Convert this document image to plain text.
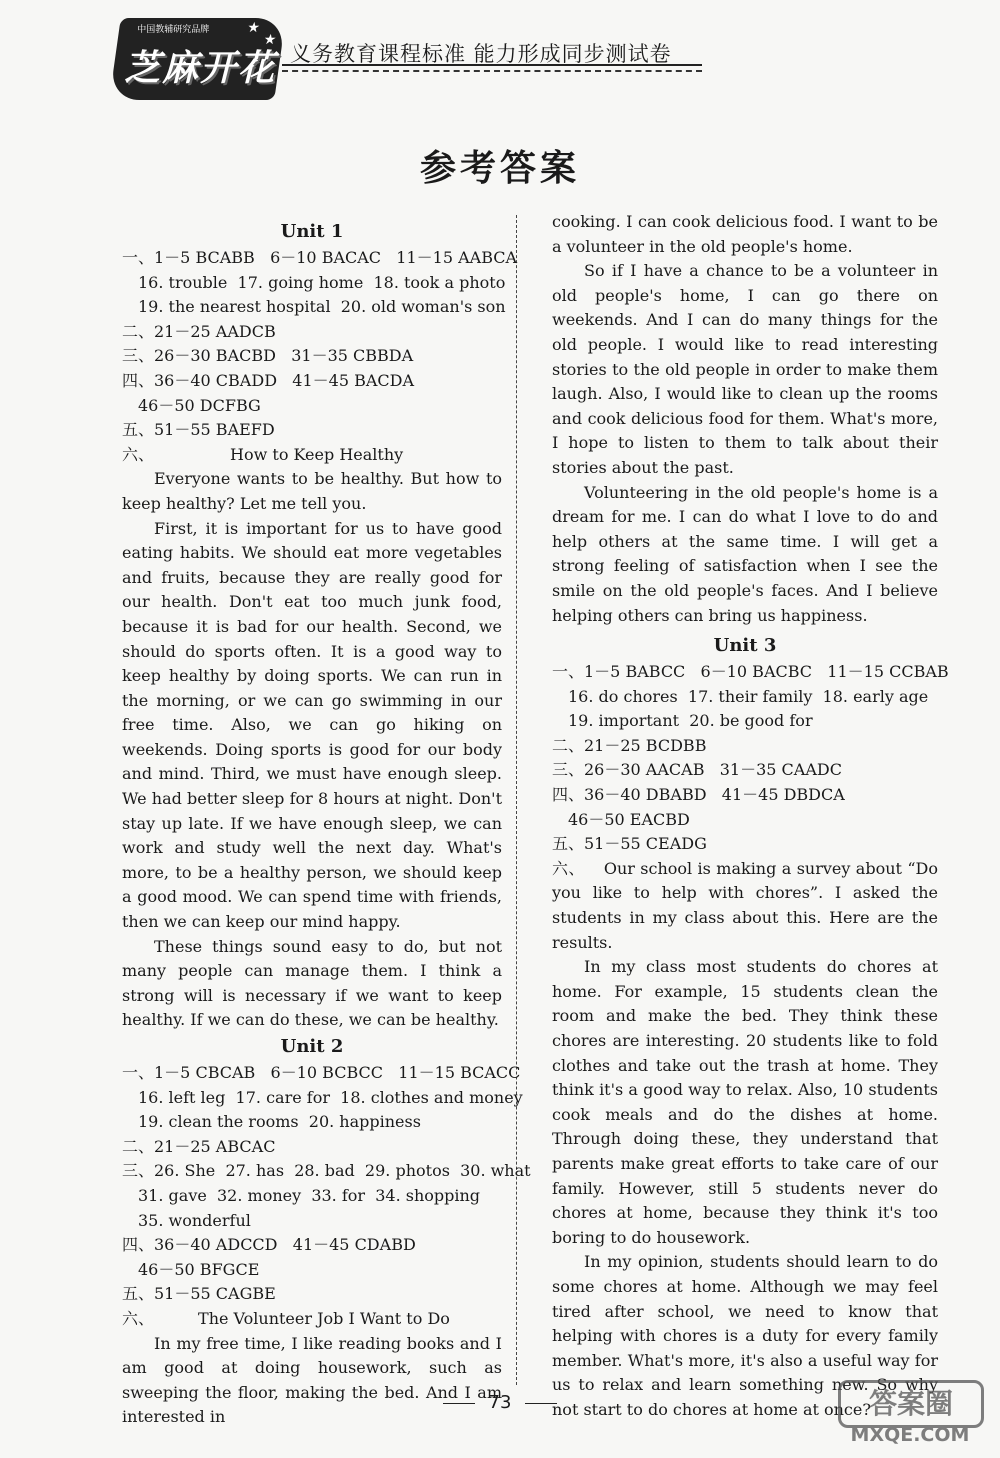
中国教辅研究品牌
芝麻开花
★
★
义务教育课程标准 能力形成同步测试卷
参考答案

Unit 1

一、1－5 BCABB   6－10 BACAC   11－15 AABCA

16. trouble  17. going home  18. took a photo

19. the nearest hospital  20. old woman's son

二、21－25 AADCB

三、26－30 BACBD   31－35 CBBDA

四、36－40 CBADD   41－45 BACDA

46－50 DCFBG

五、51－55 BAEFD

六、	How to Keep Healthy

Everyone wants to be healthy. But how to keep healthy? Let me tell you.

First, it is important for us to have good eating habits. We should eat more vegetables and fruits, because they are really good for our health. Don't eat too much junk food, because it is bad for our health. Second, we should do sports often. It is a good way to keep healthy by doing sports. We can run in the morning, or we can go swimming in our free time. Also, we can go hiking on weekends. Doing sports is good for our body and mind. Third, we must have enough sleep. We had better sleep for 8 hours at night. Don't stay up late. If we have enough sleep, we can work and study well the next day. What's more, to be a healthy person, we should keep a good mood. We can spend time with friends, then we can keep our mind happy.

These things sound easy to do, but not many people can manage them. I think a strong will is necessary if we want to keep healthy. If we can do these, we can be healthy.

Unit 2

一、1－5 CBCAB   6－10 BCBCC   11－15 BCACC

16. left leg  17. care for  18. clothes and money

19. clean the rooms  20. happiness

二、21－25 ABCAC

三、26. She  27. has  28. bad  29. photos  30. what

31. gave  32. money  33. for  34. shopping

35. wonderful

四、36－40 ADCCD   41－45 CDABD

46－50 BFGCE

五、51－55 CAGBE

六、	The Volunteer Job I Want to Do

In my free time, I like reading books and I am good at doing housework, such as sweeping the floor, making the bed. And I am interested in

cooking. I can cook delicious food. I want to be a volunteer in the old people's home.

So if I have a chance to be a volunteer in old people's home, I can go there on weekends. And I can do many things for the old people. I would like to read interesting stories to the old people in order to make them laugh. Also, I would like to clean up the rooms and cook delicious food for them. What's more, I hope to listen to them to talk about their stories about the past.

Volunteering in the old people's home is a dream for me. I can do what I love to do and help others at the same time. I will get a strong feeling of satisfaction when I see the smile on the old people's faces. And I believe helping others can bring us happiness.

Unit 3

一、1－5 BABCC   6－10 BACBC   11－15 CCBAB

16. do chores  17. their family  18. early age

19. important  20. be good for

二、21－25 BCDBB

三、26－30 AACAB   31－35 CAADC

四、36－40 DBABD   41－45 DBDCA

46－50 EACBD

五、51－55 CEADG

六、 Our school is making a survey about “Do you like to help with chores”. I asked the students in my class about this. Here are the results.

In my class most students do chores at home. For example, 15 students clean the room and make the bed. They think these chores are interesting. 20 students like to fold clothes and take out the trash at home. They think it's a good way to relax. Also, 10 students cook meals and do the dishes at home. Through doing these, they understand that parents make great efforts to take care of our family. However, still 5 students never do chores at home, because they think it's too boring to do housework.

In my opinion, students should learn to do some chores at home. Although we may feel tired after school, we need to know that helping with chores is a duty for every family member. What's more, it's also a useful way for us to relax and learn something new. So why not start to do chores at home at once?

73	答案圈
MXQE.COM
